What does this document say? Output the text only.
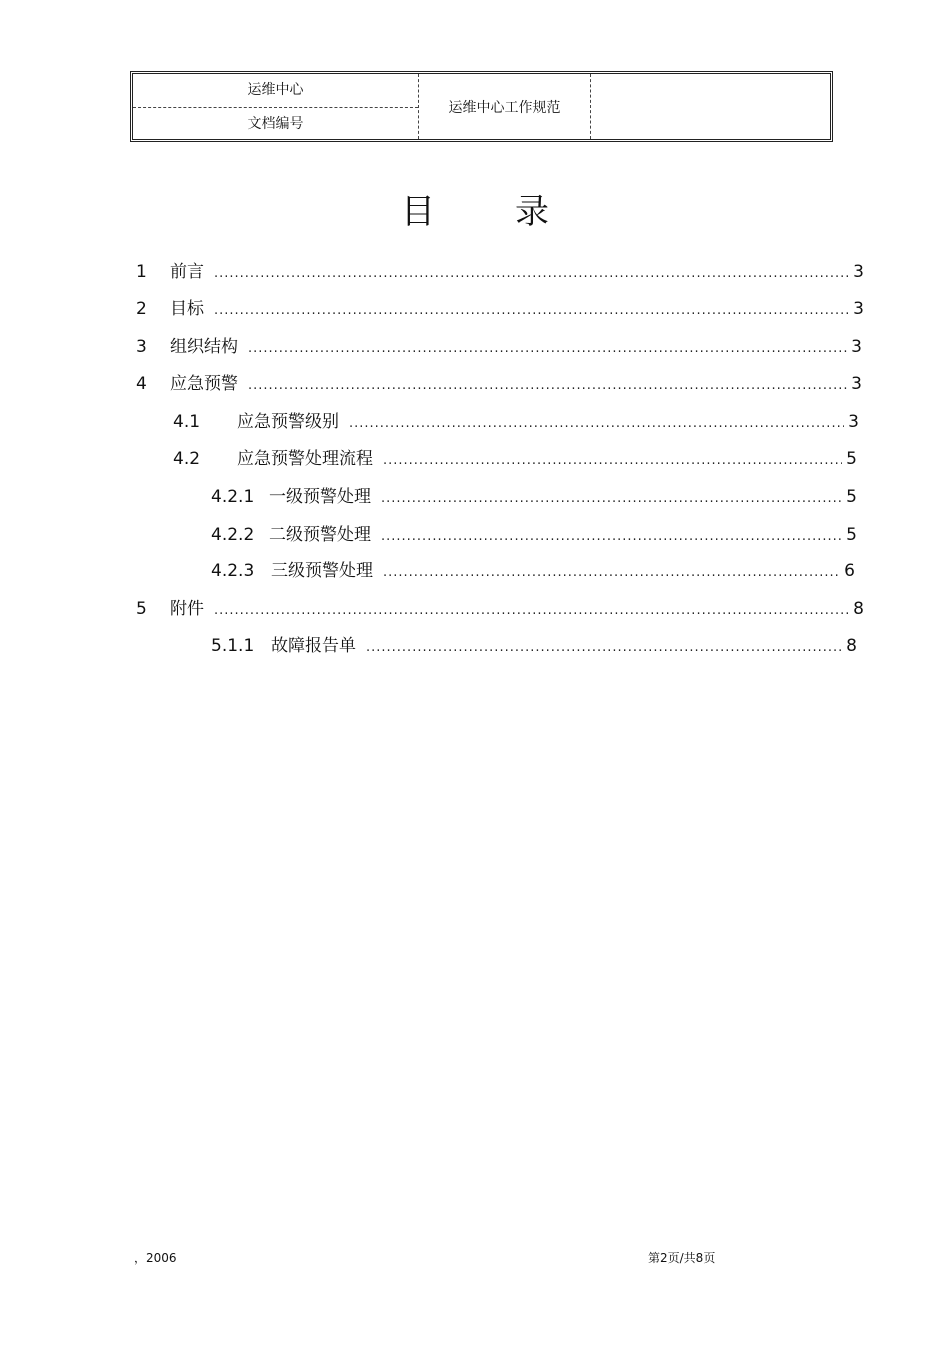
运维中心
文档编号
运维中心工作规范
目录
1	前言 .....	3
2	目标 .....	3
3	组织结构 .....	3
4	应急预警 .....	3
4.1	应急预警级别 .....	3
4.2	应急预警处理流程 .....	5
4.2.1 一级预警处理 .....	5
4.2.2 二级预警处理 .....	5
4.2.3 三级预警处理 .....	6
5	附件 .....	8
5.1.1 故障报告单 .....	8
，2006	第2页/共8页
